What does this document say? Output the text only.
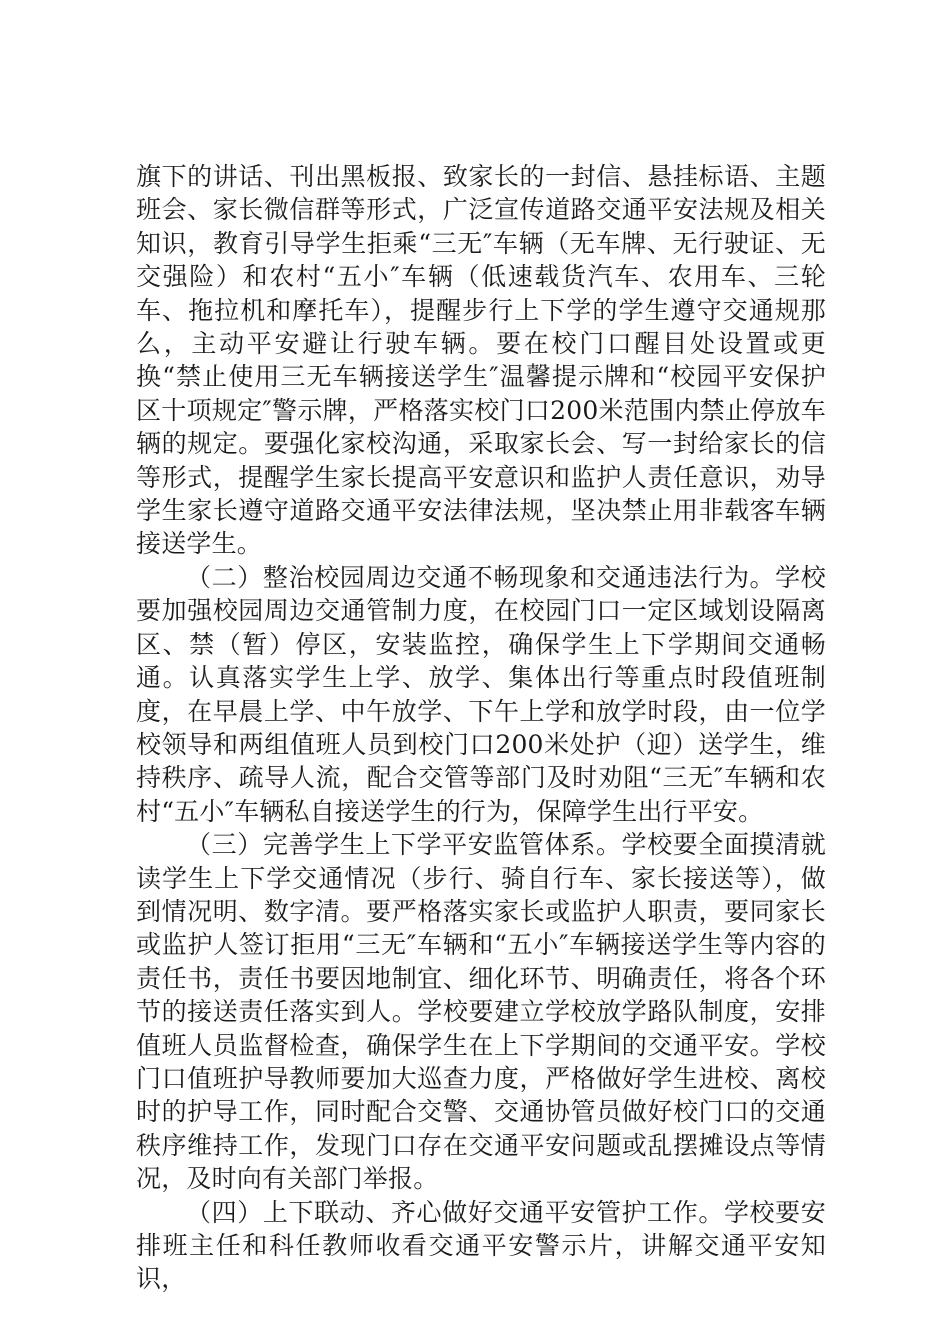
旗下的讲话、刊出黑板报、致家长的一封信、悬挂标语、主题班会、家长微信群等形式，广泛宣传道路交通平安法规及相关知识，教育引导学生拒乘“三无″车辆（无车牌、无行驶证、无交强险）和农村“五小″车辆（低速载货汽车、农用车、三轮车、拖拉机和摩托车），提醒步行上下学的学生遵守交通规那么，主动平安避让行驶车辆。要在校门口醒目处设置或更换“禁止使用三无车辆接送学生″温馨提示牌和“校园平安保护区十项规定″警示牌，严格落实校门口200米范围内禁止停放车辆的规定。要强化家校沟通，采取家长会、写一封给家长的信等形式，提醒学生家长提高平安意识和监护人责任意识，劝导学生家长遵守道路交通平安法律法规，坚决禁止用非载客车辆接送学生。

（二）整治校园周边交通不畅现象和交通违法行为。学校要加强校园周边交通管制力度，在校园门口一定区域划设隔离区、禁（暂）停区，安装监控，确保学生上下学期间交通畅通。认真落实学生上学、放学、集体出行等重点时段值班制度，在早晨上学、中午放学、下午上学和放学时段，由一位学校领导和两组值班人员到校门口200米处护（迎）送学生，维持秩序、疏导人流，配合交管等部门及时劝阻“三无″车辆和农村“五小″车辆私自接送学生的行为，保障学生出行平安。

（三）完善学生上下学平安监管体系。学校要全面摸清就读学生上下学交通情况（步行、骑自行车、家长接送等），做到情况明、数字清。要严格落实家长或监护人职责，要同家长或监护人签订拒用“三无″车辆和“五小″车辆接送学生等内容的责任书，责任书要因地制宜、细化环节、明确责任，将各个环节的接送责任落实到人。学校要建立学校放学路队制度，安排值班人员监督检查，确保学生在上下学期间的交通平安。学校门口值班护导教师要加大巡查力度，严格做好学生进校、离校时的护导工作，同时配合交警、交通协管员做好校门口的交通秩序维持工作，发现门口存在交通平安问题或乱摆摊设点等情况，及时向有关部门举报。

（四）上下联动、齐心做好交通平安管护工作。学校要安排班主任和科任教师收看交通平安警示片，讲解交通平安知识，
